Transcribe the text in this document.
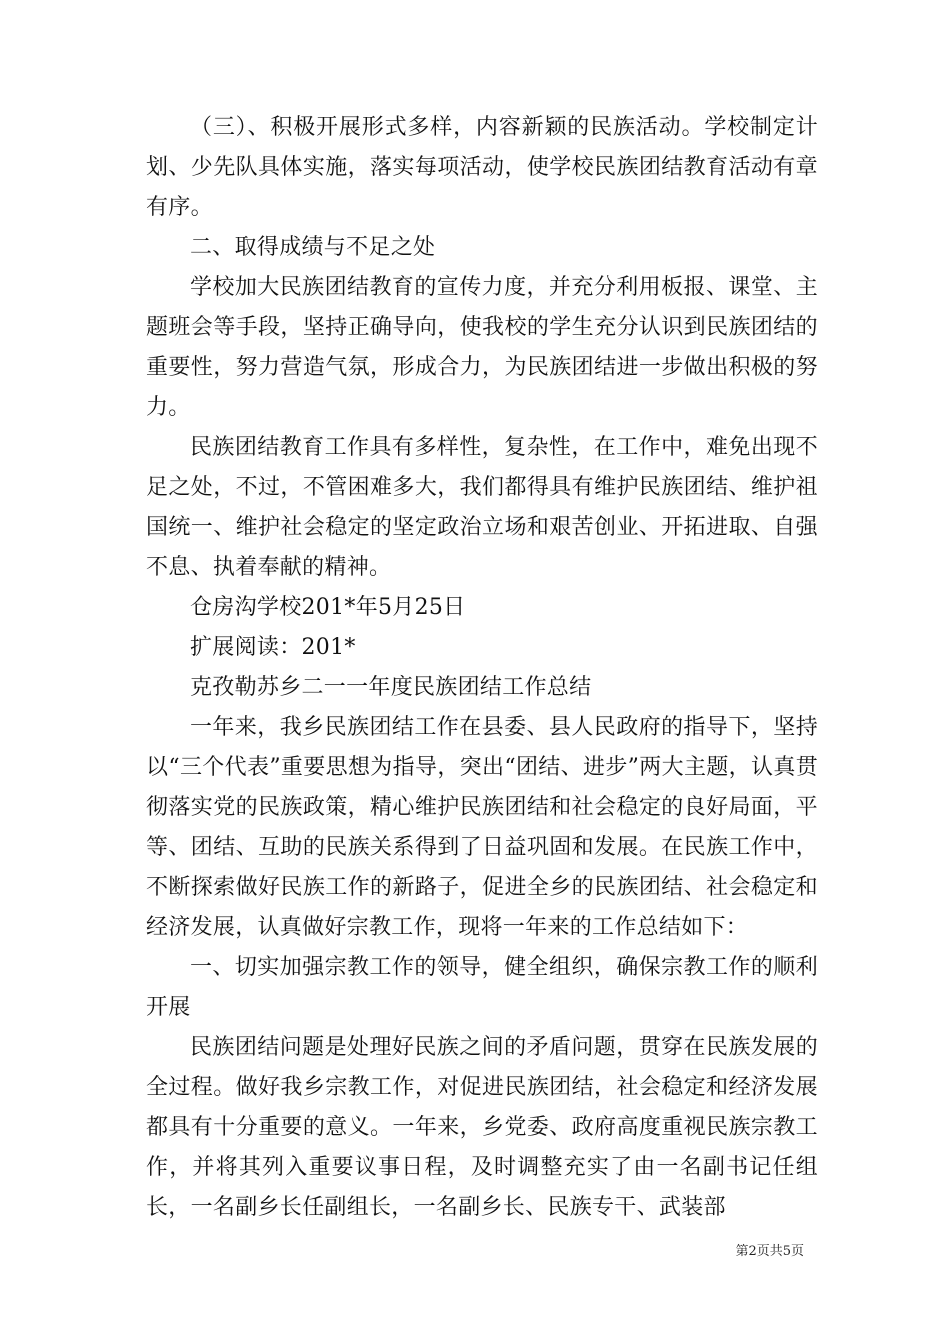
（三）、积极开展形式多样，内容新颖的民族活动。学校制定计划、少先队具体实施，落实每项活动，使学校民族团结教育活动有章有序。

二、取得成绩与不足之处

学校加大民族团结教育的宣传力度，并充分利用板报、课堂、主题班会等手段，坚持正确导向，使我校的学生充分认识到民族团结的重要性，努力营造气氛，形成合力，为民族团结进一步做出积极的努力。

民族团结教育工作具有多样性，复杂性，在工作中，难免出现不足之处，不过，不管困难多大，我们都得具有维护民族团结、维护祖国统一、维护社会稳定的坚定政治立场和艰苦创业、开拓进取、自强不息、执着奉献的精神。

仓房沟学校201*年5月25日

扩展阅读：201*

克孜勒苏乡二一一年度民族团结工作总结

一年来，我乡民族团结工作在县委、县人民政府的指导下，坚持以“三个代表”重要思想为指导，突出“团结、进步”两大主题，认真贯彻落实党的民族政策，精心维护民族团结和社会稳定的良好局面，平等、团结、互助的民族关系得到了日益巩固和发展。在民族工作中，不断探索做好民族工作的新路子，促进全乡的民族团结、社会稳定和经济发展，认真做好宗教工作，现将一年来的工作总结如下：

一、切实加强宗教工作的领导，健全组织，确保宗教工作的顺利开展

民族团结问题是处理好民族之间的矛盾问题，贯穿在民族发展的全过程。做好我乡宗教工作，对促进民族团结，社会稳定和经济发展都具有十分重要的意义。一年来，乡党委、政府高度重视民族宗教工作，并将其列入重要议事日程，及时调整充实了由一名副书记任组长，一名副乡长任副组长，一名副乡长、民族专干、武装部

第2页共5页
